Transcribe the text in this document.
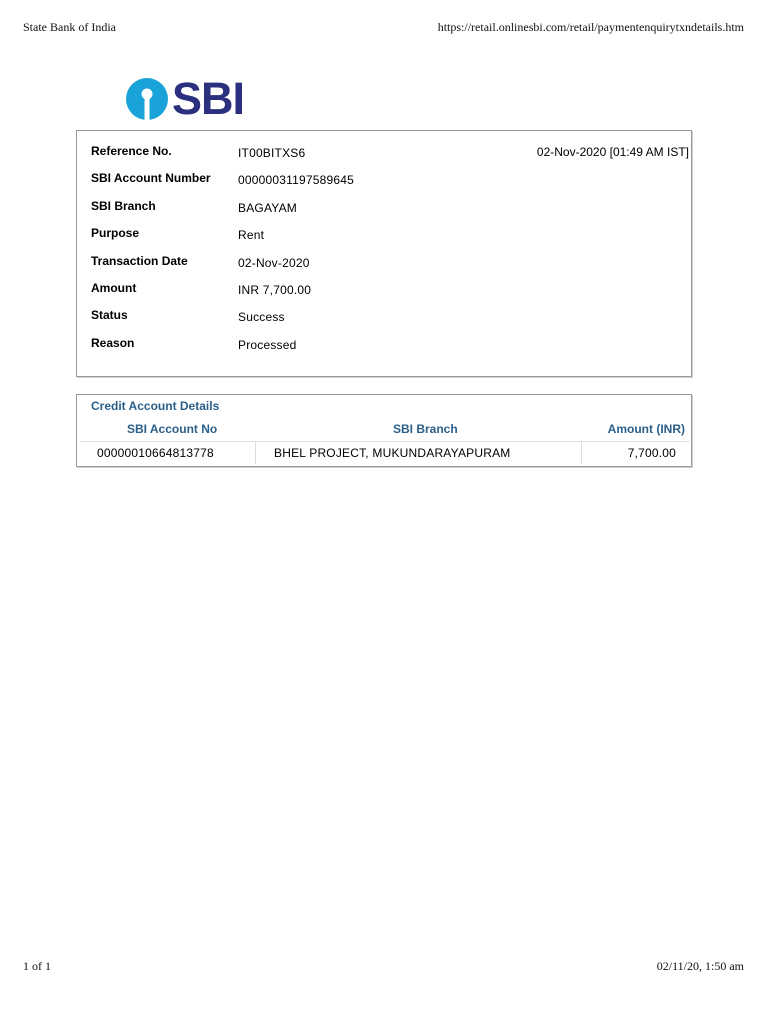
State Bank of India	https://retail.onlinesbi.com/retail/paymentenquirytxndetails.htm
SBI
02-Nov-2020 [01:49 AM IST]
Reference No.	IT00BITXS6
SBI Account Number 00000031197589645
SBI Branch	BAGAYAM
Purpose	Rent
Transaction Date	02-Nov-2020
Amount	INR 7,700.00
Status	Success
Reason	Processed
Credit Account Details
SBI Account No	SBI Branch	Amount (INR)
00000010664813778	BHEL PROJECT, MUKUNDARAYAPURAM	7,700.00
1 of 1	02/11/20, 1:50 am
